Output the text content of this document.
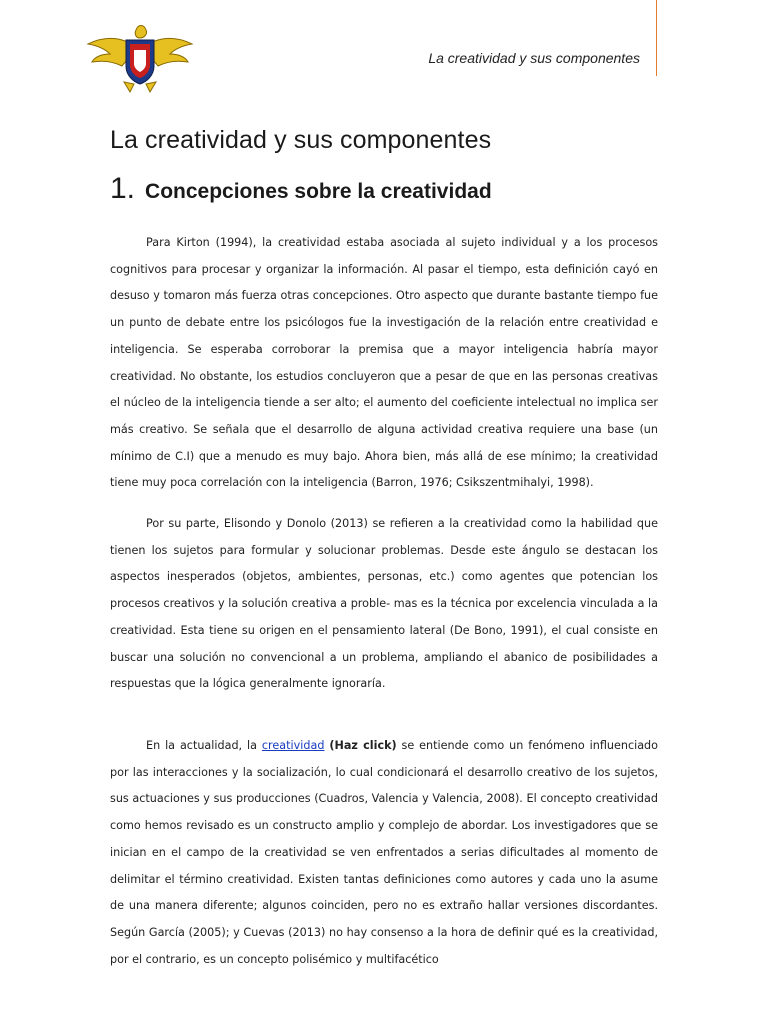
La creatividad y sus componentes
La creatividad y sus componentes
1. Concepciones sobre la creatividad

Para Kirton (1994), la creatividad estaba asociada al sujeto individual y a los procesos cognitivos para procesar y organizar la información. Al pasar el tiempo, esta definición cayó en desuso y tomaron más fuerza otras concepciones. Otro aspecto que durante bastante tiempo fue un punto de debate entre los psicólogos fue la investigación de la relación entre creatividad e inteligencia. Se esperaba corroborar la premisa que a mayor inteligencia habría mayor creatividad. No obstante, los estudios concluyeron que a pesar de que en las personas creativas el núcleo de la inteligencia tiende a ser alto; el aumento del coeficiente intelectual no implica ser más creativo. Se señala que el desarrollo de alguna actividad creativa requiere una base (un mínimo de C.I) que a menudo es muy bajo. Ahora bien, más allá de ese mínimo; la creatividad tiene muy poca correlación con la inteligencia (Barron, 1976; Csikszentmihalyi, 1998).

Por su parte, Elisondo y Donolo (2013) se refieren a la creatividad como la habilidad que tienen los sujetos para formular y solucionar problemas. Desde este ángulo se destacan los aspectos inesperados (objetos, ambientes, personas, etc.) como agentes que potencian los procesos creativos y la solución creativa a proble- mas es la técnica por excelencia vinculada a la creatividad. Esta tiene su origen en el pensamiento lateral (De Bono, 1991), el cual consiste en buscar una solución no convencional a un problema, ampliando el abanico de posibilidades a respuestas que la lógica generalmente ignoraría.

En la actualidad, la creatividad (Haz click) se entiende como un fenómeno influenciado por las interacciones y la socialización, lo cual condicionará el desarrollo creativo de los sujetos, sus actuaciones y sus producciones (Cuadros, Valencia y Valencia, 2008). El concepto creatividad como hemos revisado es un constructo amplio y complejo de abordar. Los investigadores que se inician en el campo de la creatividad se ven enfrentados a serias dificultades al momento de delimitar el término creatividad. Existen tantas definiciones como autores y cada uno la asume de una manera diferente; algunos coinciden, pero no es extraño hallar versiones discordantes. Según García (2005); y Cuevas (2013) no hay consenso a la hora de definir qué es la creatividad, por el contrario, es un concepto polisémico y multifacético
